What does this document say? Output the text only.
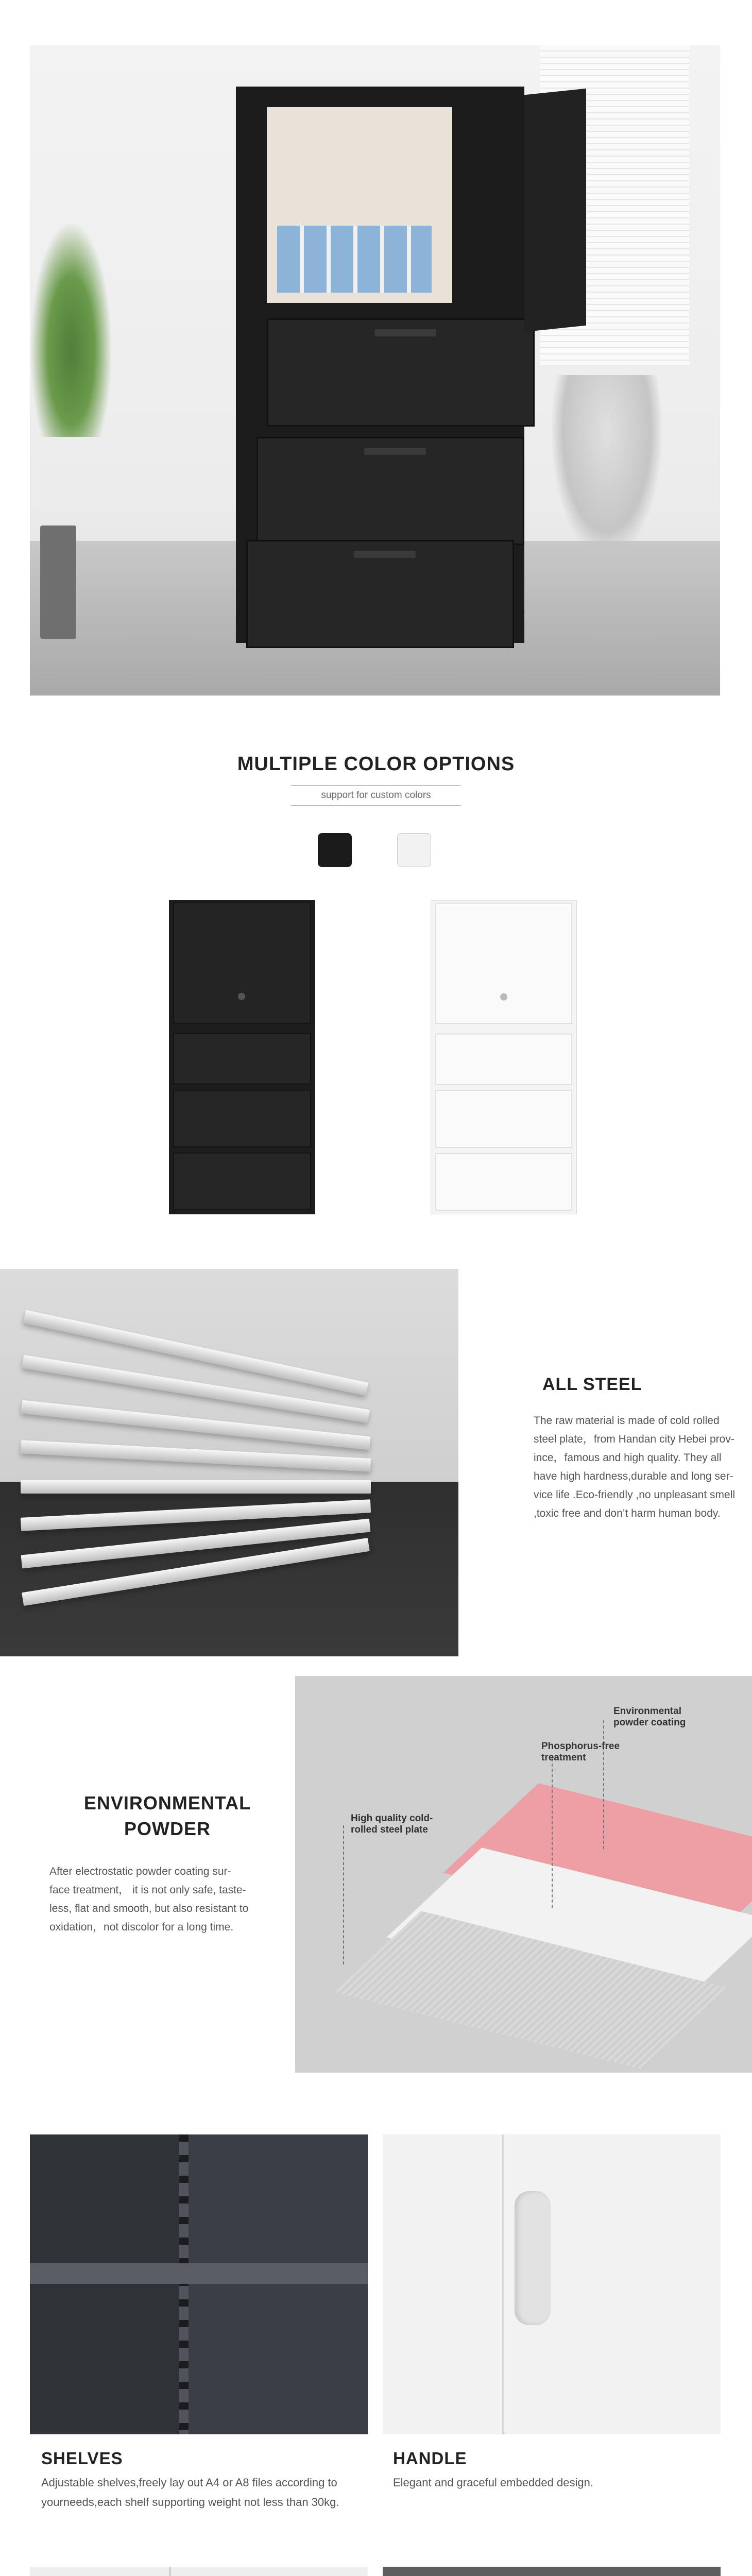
MULTIPLE COLOR OPTIONS
support for custom colors
ALL STEEL
The raw material is made of cold rolled
steel plate，from Handan city Hebei prov-
ince，famous and high quality. They all
have high hardness,durable and long ser-
vice life .Eco-friendly ,no unpleasant smell
,toxic free and don’t harm human body.
ENVIRONMENTAL
POWDER
After electrostatic powder coating sur-
face treatment， it is not only safe, taste-
less, flat and smooth, but also resistant to
oxidation，not discolor for a long time.
Environmental
powder coating
Phosphorus-free
treatment
High quality cold-
rolled steel plate
SHELVES
Adjustable shelves,freely lay out A4 or A8 files according to
yourneeds,each shelf supporting weight not less than 30kg.
HANDLE
Elegant and graceful embedded design.
